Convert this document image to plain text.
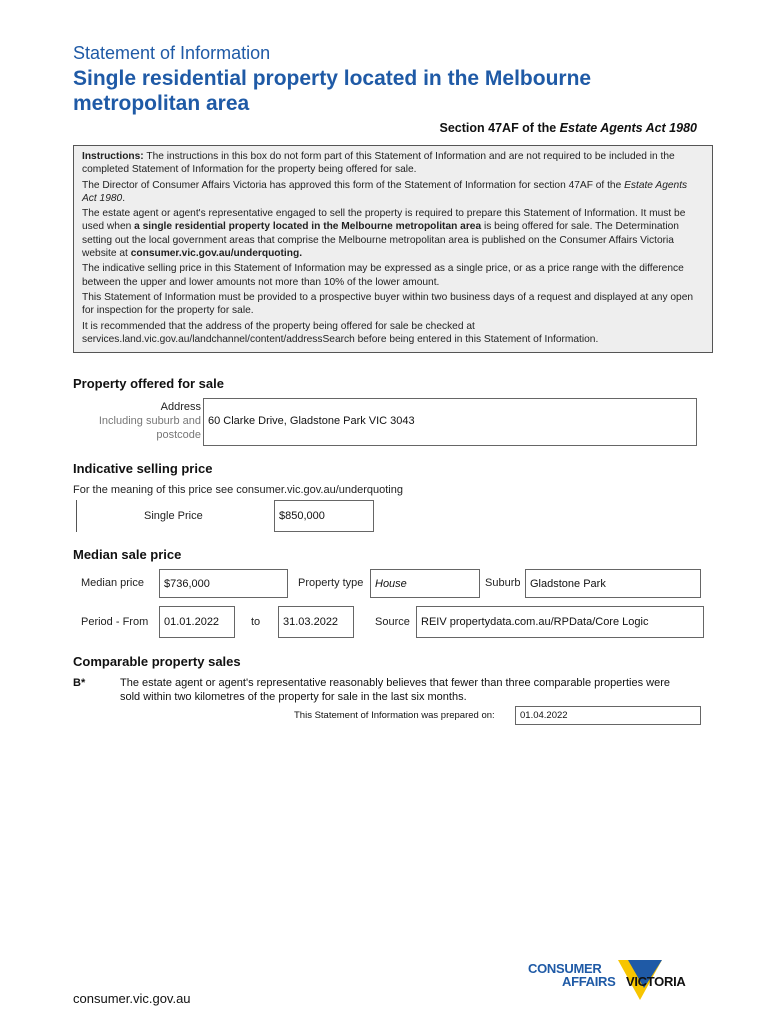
Statement of Information
Single residential property located in the Melbourne metropolitan area
Section 47AF of the Estate Agents Act 1980

Instructions: The instructions in this box do not form part of this Statement of Information and are not required to be included in the completed Statement of Information for the property being offered for sale.

The Director of Consumer Affairs Victoria has approved this form of the Statement of Information for section 47AF of the Estate Agents Act 1980.

The estate agent or agent's representative engaged to sell the property is required to prepare this Statement of Information. It must be used when a single residential property located in the Melbourne metropolitan area is being offered for sale. The Determination setting out the local government areas that comprise the Melbourne metropolitan area is published on the Consumer Affairs Victoria website at consumer.vic.gov.au/underquoting.

The indicative selling price in this Statement of Information may be expressed as a single price, or as a price range with the difference between the upper and lower amounts not more than 10% of the lower amount.

This Statement of Information must be provided to a prospective buyer within two business days of a request and displayed at any open for inspection for the property for sale.

It is recommended that the address of the property being offered for sale be checked at services.land.vic.gov.au/landchannel/content/addressSearch before being entered in this Statement of Information.

Property offered for sale
Address
Including suburb and
postcode
60 Clarke Drive, Gladstone Park VIC 3043
Indicative selling price
For the meaning of this price see consumer.vic.gov.au/underquoting
Single Price	$850,000
Median sale price
Median price	$736,000	Property type	House	Suburb Gladstone Park
Period - From	01.01.2022	to	31.03.2022	Source	REIV propertydata.com.au/RPData/Core Logic
Comparable property sales
B*	The estate agent or agent's representative reasonably believes that fewer than three comparable properties were sold within two kilometres of the property for sale in the last six months.
This Statement of Information was prepared on:	01.04.2022
CONSUMER
AFFAIRS VICTORIA
consumer.vic.gov.au
